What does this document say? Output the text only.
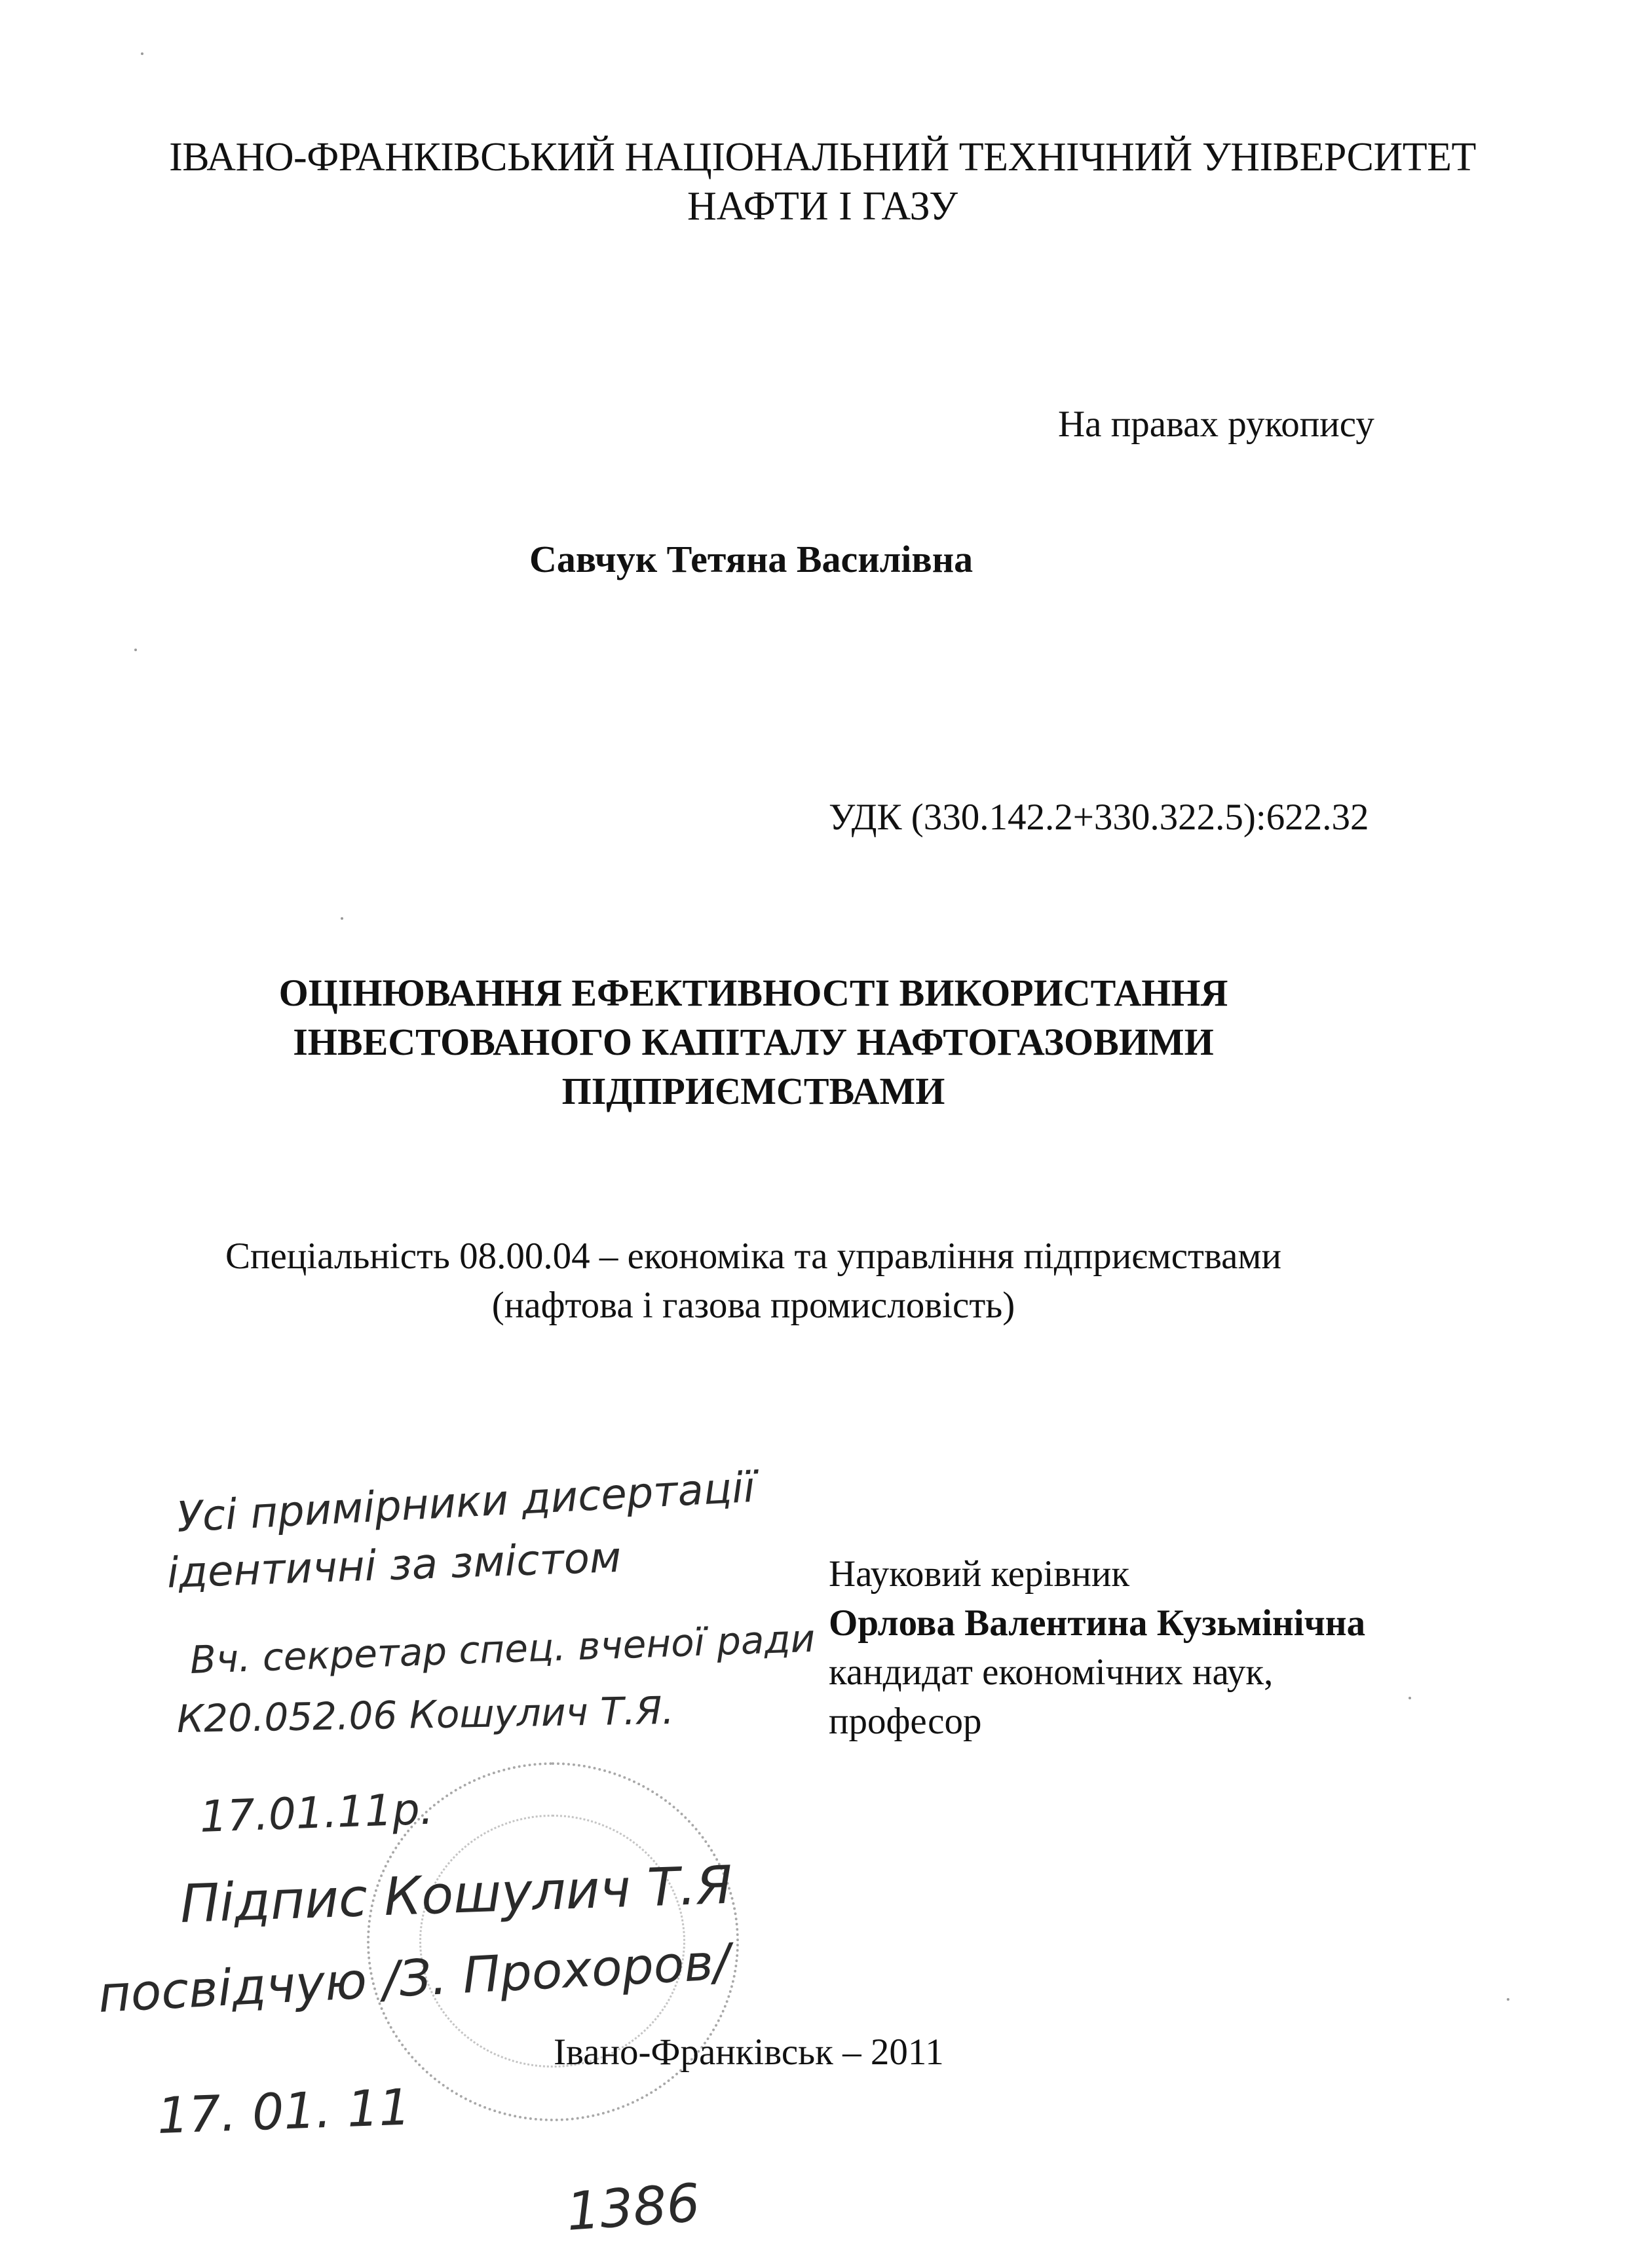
ІВАНО-ФРАНКІВСЬКИЙ НАЦІОНАЛЬНИЙ ТЕХНІЧНИЙ УНІВЕРСИТЕТ
НАФТИ І ГАЗУ
На правах рукопису
Савчук Тетяна Василівна
УДК (330.142.2+330.322.5):622.32
ОЦІНЮВАННЯ ЕФЕКТИВНОСТІ ВИКОРИСТАННЯ
ІНВЕСТОВАНОГО КАПІТАЛУ НАФТОГАЗОВИМИ
ПІДПРИЄМСТВАМИ
Спеціальність 08.00.04 – економіка та управління підприємствами
(нафтова і газова промисловість)
Науковий керівник
Орлова Валентина Кузьмінічна
кандидат економічних наук,
професор
Усі примірники дисертації
ідентичні за змістом
Вч. секретар спец. вченої ради
К20.052.06 Кошулич Т.Я.
17.01.11р.
Підпис Кошулич Т.Я
посвідчую /З. Прохоров/
17. 01. 11
1386
Івано-Франківськ – 2011
